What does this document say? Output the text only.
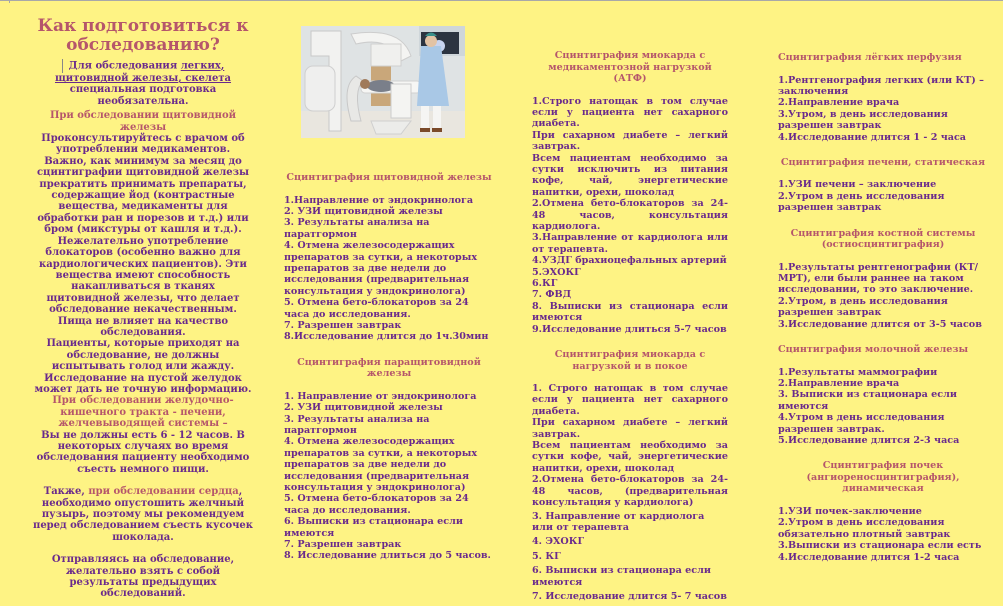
Как подготовиться к обследованию?

Для обследования легких, щитовидной железы, скелета специальная подготовка необязательна.

При обследовании щитовидной железы

Проконсультируйтесь с врачом об употреблении медикаментов. Важно, как минимум за месяц до сцинтиграфии щитовидной железы прекратить принимать препараты, содержащие йод (контрастные вещества, медикаменты для обработки ран и порезов и т.д.) или бром (микстуры от кашля и т.д.). Нежелательно употребление блокаторов (особенно важно для кардиологических пациентов). Эти вещества имеют способность накапливаться в тканях щитовидной железы, что делает обследование некачественным. Пища не влияет на качество обследования.

Пациенты, которые приходят на обследование, не должны испытывать голод или жажду. Исследование на пустой желудок может дать не точную информацию.

При обследовании желудочно-кишечного тракта - печени, желчевыводящей системы –

Вы не должны есть 6 - 12 часов. В некоторых случаях во время обследования пациенту необходимо съесть немного пищи.

Также, при обследовании сердца, необходимо опустошить желчный пузырь, поэтому мы рекомендуем перед обследованием съесть кусочек шоколада.

Отправляясь на обследование, желательно взять с собой результаты предыдущих обследований.

Сцинтиграфия щитовидной железы

1.Направление от эндокринолога

2. УЗИ щитовидной железы

3. Результаты анализа на паратгормон

4. Отмена железосодержащих препаратов за сутки, а некоторых препаратов за две недели до исследования (предварительная консультация у эндокринолога)

5. Отмена бето-блокаторов за 24 часа до исследования.

7. Разрешен завтрак

8.Исследование длится до 1ч.30мин

Сцинтиграфия паращитовидной железы

1. Направление от эндокринолога

2. УЗИ щитовидной железы

3. Результаты анализа на паратгормон

4. Отмена железосодержащих препаратов за сутки, а некоторых препаратов за две недели до исследования (предварительная консультация у эндокринолога)

5. Отмена бето-блокаторов за 24 часа до исследования.

6. Выписки из стационара если имеются

7. Разрешен завтрак

8. Исследование длиться до 5 часов.

Сцинтиграфия миокарда с медикаментозной нагрузкой (АТФ)

1.Строго натощак в том случае если у пациента нет сахарного диабета.

При сахарном диабете – легкий завтрак.

Всем пациентам необходимо за сутки исключить из питания кофе, чай, энергетические напитки, орехи, шоколад

2.Отмена бето-блокаторов за 24-48 часов, консультация кардиолога.

3.Направление от кардиолога или от терапевта.

4.УЗДГ брахиоцефальных артерий

5.ЭХОКГ

6.КГ

7. ФВД

8. Выписки из стационара если имеются

9.Исследование длиться 5-7 часов

Сцинтиграфия миокарда с нагрузкой и в покое

1. Строго натощак в том случае если у пациента нет сахарного диабета.

При сахарном диабете – легкий завтрак.

Всем пациентам необходимо за сутки кофе, чай, энергетические напитки, орехи, шоколад

2.Отмена бето-блокаторов за 24-48 часов, (предварительная консультация у кардиолога)

3. Направление от кардиолога или от терапевта

4. ЭХОКГ

5. КГ

6. Выписки из стационара если имеются

7. Исследование длится 5- 7 часов

Сцинтиграфия лёгких перфузия

1.Рентгенография легких (или КТ) – заключения

2.Направление врача

3.Утром, в день исследования разрешен завтрак

4.Исследование длится 1 - 2 часа

Сцинтиграфия печени, статическая

1.УЗИ печени – заключение

2.Утром в день исследования разрешен завтрак

Сцинтиграфия костной системы (остиосцинтиграфия)

1.Результаты рентгенографии (КТ/МРТ), ели были раннее на таком исследовании, то это заключение.

2.Утром, в день исследования разрешен завтрак

3.Исследование длится от 3-5 часов

Сцинтиграфия молочной железы

1.Результаты маммографии

2.Направление врача

3. Выписки из стационара если имеются

4.Утром в день исследования разрешен завтрак.

5.Исследование длится 2-3 часа

Сцинтиграфия почек (ангиореносцинтиграфия), динамическая

1.УЗИ почек-заключение

2.Утром в день исследования обязательно плотный завтрак

3.Выписки из стационара если есть

4.Исследование длится 1-2 часа
